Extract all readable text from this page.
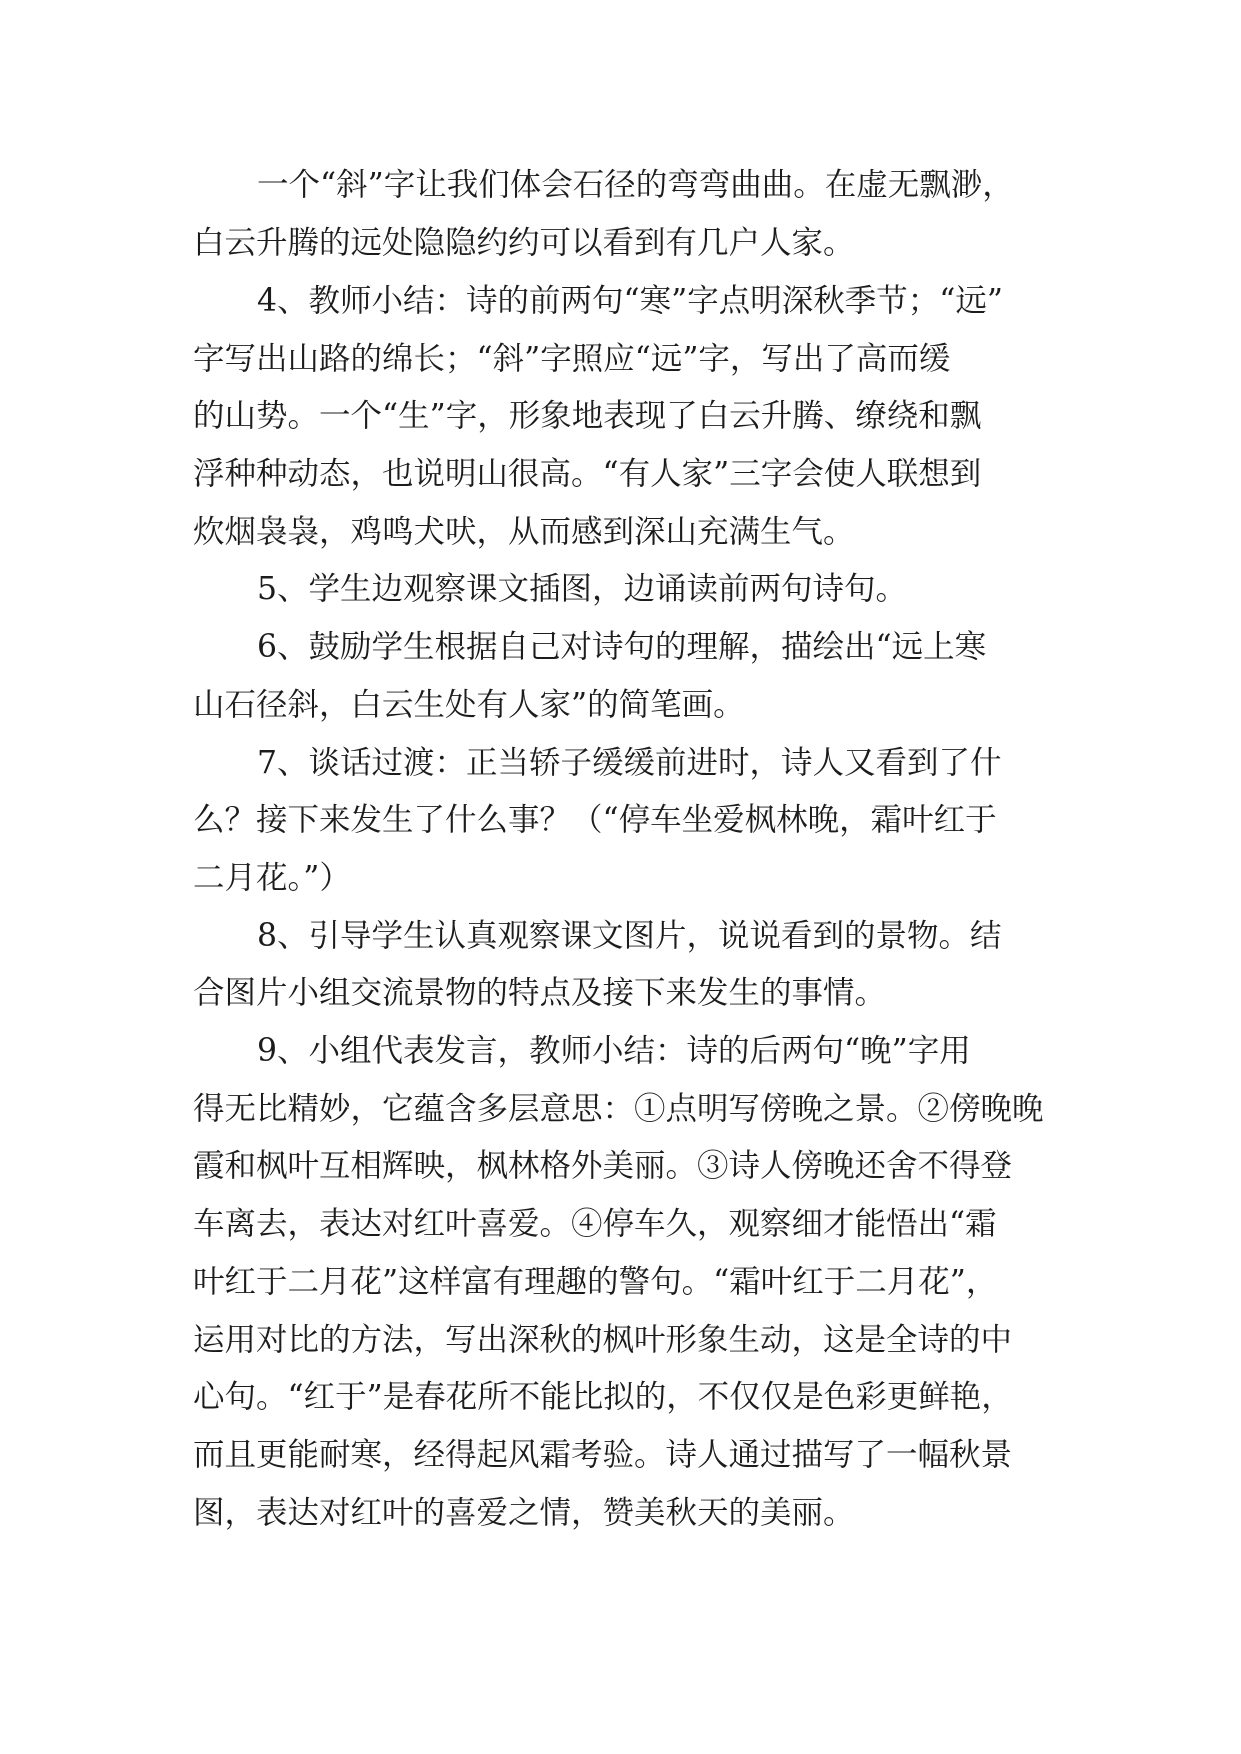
一个“斜”字让我们体会石径的弯弯曲曲。在虚无飘渺，
白云升腾的远处隐隐约约可以看到有几户人家。
4、教师小结：诗的前两句“寒”字点明深秋季节；“远”
字写出山路的绵长；“斜”字照应“远”字，写出了高而缓
的山势。一个“生”字，形象地表现了白云升腾、缭绕和飘
浮种种动态，也说明山很高。“有人家”三字会使人联想到
炊烟袅袅，鸡鸣犬吠，从而感到深山充满生气。
5、学生边观察课文插图，边诵读前两句诗句。
6、鼓励学生根据自己对诗句的理解，描绘出“远上寒
山石径斜，白云生处有人家”的简笔画。
7、谈话过渡：正当轿子缓缓前进时，诗人又看到了什
么？接下来发生了什么事？（“停车坐爱枫林晚，霜叶红于
二月花。”）
8、引导学生认真观察课文图片，说说看到的景物。结
合图片小组交流景物的特点及接下来发生的事情。
9、小组代表发言，教师小结：诗的后两句“晚”字用
得无比精妙，它蕴含多层意思：①点明写傍晚之景。②傍晚晚
霞和枫叶互相辉映，枫林格外美丽。③诗人傍晚还舍不得登
车离去，表达对红叶喜爱。④停车久，观察细才能悟出“霜
叶红于二月花”这样富有理趣的警句。“霜叶红于二月花”，
运用对比的方法，写出深秋的枫叶形象生动，这是全诗的中
心句。“红于”是春花所不能比拟的，不仅仅是色彩更鲜艳，
而且更能耐寒，经得起风霜考验。诗人通过描写了一幅秋景
图，表达对红叶的喜爱之情，赞美秋天的美丽。
